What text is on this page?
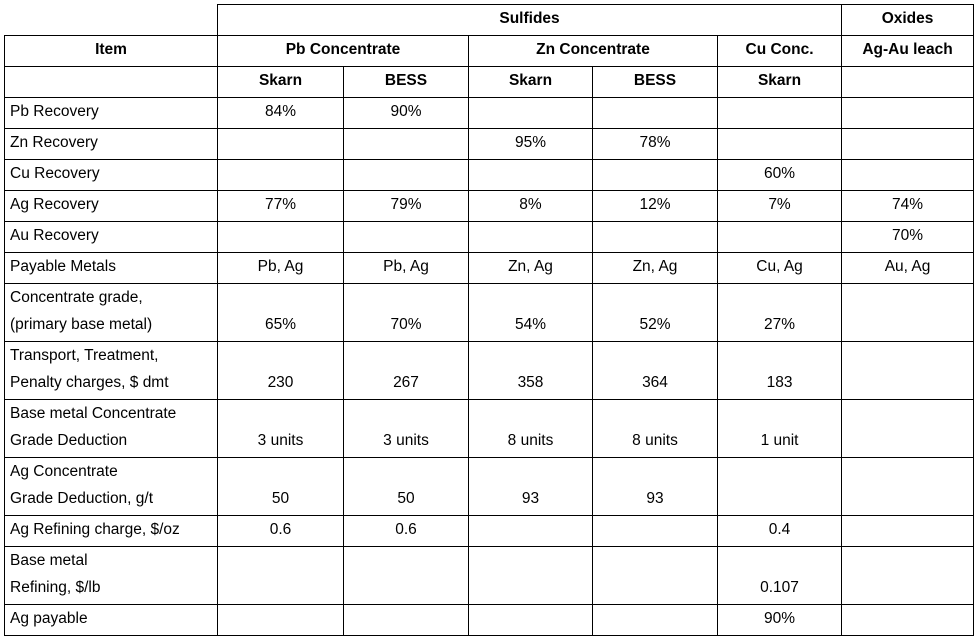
	Sulfides					Oxides
Item	Pb Concentrate		Zn Concentrate		Cu Conc.	Ag-Au leach
	Skarn	BESS	Skarn	BESS	Skarn	
Pb Recovery	84%	90%				
Zn Recovery			95%	78%		
Cu Recovery					60%	
Ag Recovery	77%	79%	8%	12%	7%	74%
Au Recovery						70%
Payable Metals	Pb, Ag	Pb, Ag	Zn, Ag	Zn, Ag	Cu, Ag	Au, Ag

Concentrate grade,
(primary base metal)	65%	70%	54%	52%	27%	

Transport, Treatment,
Penalty charges, $ dmt	230	267	358	364	183	

Base metal Concentrate
Grade Deduction	3 units	3 units	8 units	8 units	1 unit	

Ag Concentrate
Grade Deduction, g/t	50	50	93	93		
Ag Refining charge, $/oz	0.6	0.6			0.4	

Base metal
Refining, $/lb					0.107	
Ag payable					90%	
